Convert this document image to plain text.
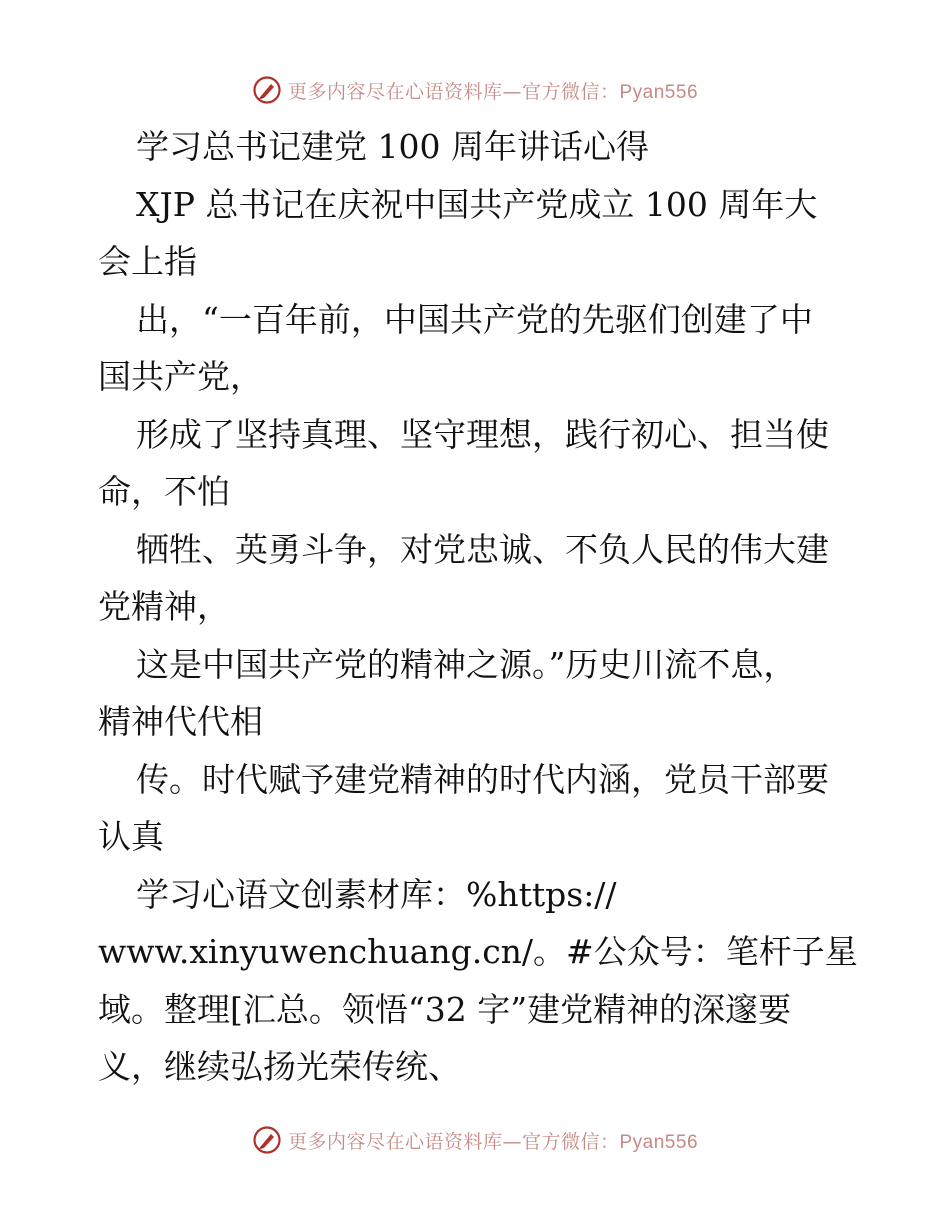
更多内容尽在心语资料库—官方微信：Pyan556
学习总书记建党 100 周年讲话心得
XJP 总书记在庆祝中国共产党成立 100 周年大
会上指
出，“一百年前，中国共产党的先驱们创建了中
国共产党，
形成了坚持真理、坚守理想，践行初心、担当使
命，不怕
牺牲、英勇斗争，对党忠诚、不负人民的伟大建
党精神，
这是中国共产党的精神之源。”历史川流不息，
精神代代相
传。时代赋予建党精神的时代内涵，党员干部要
认真
学习心语文创素材库：%https://
www.xinyuwenchuang.cn/。#公众号：笔杆子星
域。整理[汇总。领悟“32 字”建党精神的深邃要
义，继续弘扬光荣传统、
更多内容尽在心语资料库—官方微信：Pyan556
